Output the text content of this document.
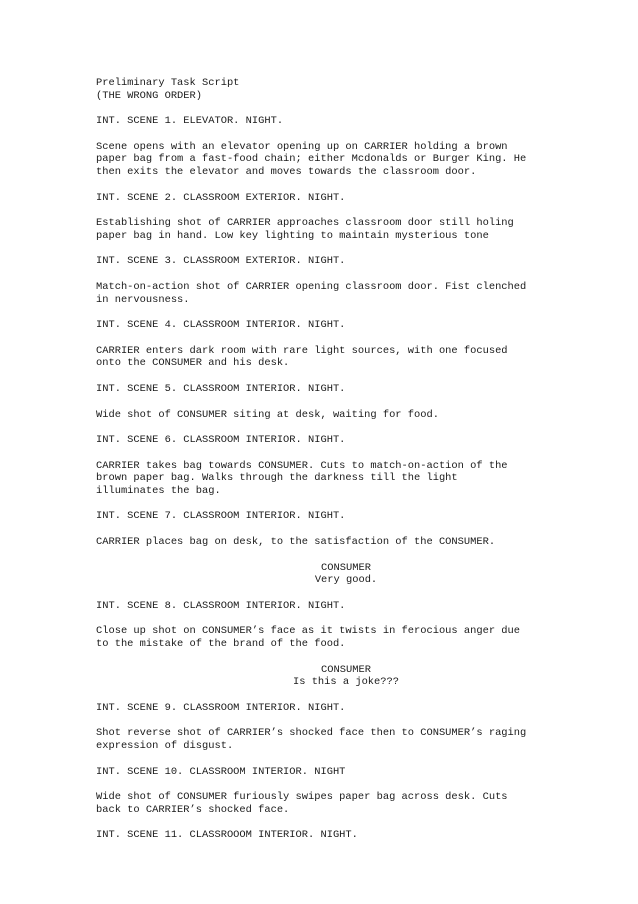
Preliminary Task Script

(THE WRONG ORDER)

INT. SCENE 1. ELEVATOR. NIGHT.

Scene opens with an elevator opening up on CARRIER holding a brown
paper bag from a fast-food chain; either Mcdonalds or Burger King. He
then exits the elevator and moves towards the classroom door.

INT. SCENE 2. CLASSROOM EXTERIOR. NIGHT.

Establishing shot of CARRIER approaches classroom door still holing
paper bag in hand. Low key lighting to maintain mysterious tone

INT. SCENE 3. CLASSROOM EXTERIOR. NIGHT.

Match-on-action shot of CARRIER opening classroom door. Fist clenched
in nervousness.

INT. SCENE 4. CLASSROOM INTERIOR. NIGHT.

CARRIER enters dark room with rare light sources, with one focused
onto the CONSUMER and his desk.

INT. SCENE 5. CLASSROOM INTERIOR. NIGHT.

Wide shot of CONSUMER siting at desk, waiting for food.

INT. SCENE 6. CLASSROOM INTERIOR. NIGHT.

CARRIER takes bag towards CONSUMER. Cuts to match-on-action of the
brown paper bag. Walks through the darkness till the light
illuminates the bag.

INT. SCENE 7. CLASSROOM INTERIOR. NIGHT.

CARRIER places bag on desk, to the satisfaction of the CONSUMER.

CONSUMER
Very good.

INT. SCENE 8. CLASSROOM INTERIOR. NIGHT.

Close up shot on CONSUMER’s face as it twists in ferocious anger due
to the mistake of the brand of the food.

CONSUMER
Is this a joke???

INT. SCENE 9. CLASSROOM INTERIOR. NIGHT.

Shot reverse shot of CARRIER’s shocked face then to CONSUMER’s raging
expression of disgust.

INT. SCENE 10. CLASSROOM INTERIOR. NIGHT

Wide shot of CONSUMER furiously swipes paper bag across desk. Cuts
back to CARRIER’s shocked face.

INT. SCENE 11. CLASSROOOM INTERIOR. NIGHT.
